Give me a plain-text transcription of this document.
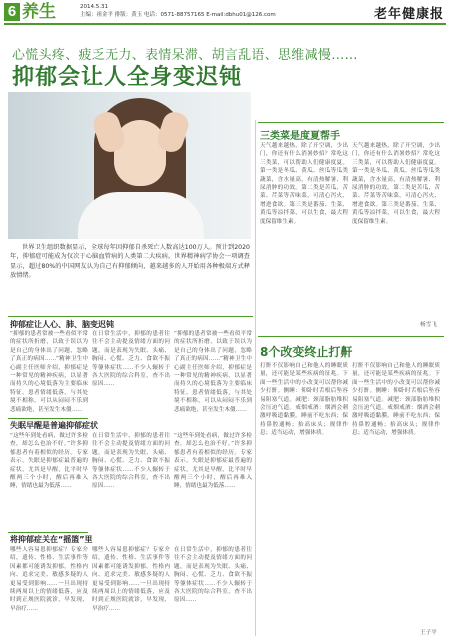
6 养生	2014.5.31
主编：祖金平 排版：黄玉 电话：0571-88757165 E-mail:dbhu01@126.com	老年健康报
心慌头疼、疲乏无力、表情呆滞、胡言乱语、思维减慢……
抑郁会让人全身变迟钝
世界卫生组织数据显示，全球每年因抑郁自杀死亡人数高达100万人。预计到2020年，抑郁症可能成为仅次于心脑血管病的人类第二大疾病。世界精神病学协会一项调查显示，超过80%的中国网友认为自己有抑郁倾向，越来越多的人开始用各种极端方式释放情绪。
抑郁症让人心、肺、脑变迟钝
“抑郁的患者常被一些看似平常的症状所折磨，以致于误以为是自己的身体出了问题，忽略了真正的病因……”精神卫生中心副主任医师介绍，抑郁症是一种常见的精神疾病，以显著而持久的心境低落为主要临床特征。患者情绪低落，与其处境不相称，可以从闷闷不乐到悲痛欲绝，甚至发生木僵……
在日常生活中，抑郁的患者往往不会主动提及情绪方面的问题，而是表现为失眠、头痛、胸闷、心慌、乏力、食欲不振等躯体症状……不少人辗转于各大医院的综合科室，查不出原因……
“抑郁的患者常被一些看似平常的症状所折磨，以致于误以为是自己的身体出了问题，忽略了真正的病因……”精神卫生中心副主任医师介绍，抑郁症是一种常见的精神疾病，以显著而持久的心境低落为主要临床特征。患者情绪低落，与其处境不相称，可以从闷闷不乐到悲痛欲绝，甚至发生木僵……
失眠早醒是普遍抑郁症状
“这些年到处看病，做过许多检查，却怎么也治不好。”许多抑郁患者有着相似的经历。专家表示，失眠是抑郁症最普遍的症状，尤其是早醒，比平时早醒两三个小时，醒后再难入睡，情绪也最为低落……
在日常生活中，抑郁的患者往往不会主动提及情绪方面的问题，而是表现为失眠、头痛、胸闷、心慌、乏力、食欲不振等躯体症状……不少人辗转于各大医院的综合科室，查不出原因……
“这些年到处看病，做过许多检查，却怎么也治不好。”许多抑郁患者有着相似的经历。专家表示，失眠是抑郁症最普遍的症状，尤其是早醒，比平时早醒两三个小时，醒后再难入睡，情绪也最为低落……
将抑郁症关在“摇篮”里
哪些人容易患抑郁症？专家介绍，遗传、性格、生活事件等因素都可能诱发抑郁。性格内向、追求完美、敏感多疑的人更易受到影响……一旦出现持续两周以上的情绪低落，应及时到正规医院就诊，早发现、早治疗……
哪些人容易患抑郁症？专家介绍，遗传、性格、生活事件等因素都可能诱发抑郁。性格内向、追求完美、敏感多疑的人更易受到影响……一旦出现持续两周以上的情绪低落，应及时到正规医院就诊，早发现、早治疗……
在日常生活中，抑郁的患者往往不会主动提及情绪方面的问题，而是表现为失眠、头痛、胸闷、心慌、乏力、食欲不振等躯体症状……不少人辗转于各大医院的综合科室，查不出原因……
三类菜是度夏帮手
天气越来越热，除了开空调，少出门，你还有什么消暑妙招？常吃这三类菜，可以帮助人们健康度夏。第一类是冬瓜、黄瓜、丝瓜等瓜类蔬菜，含水量高，有清热解暑、利尿消肿的功效。第二类是苦瓜、苦菜、芹菜等苦味菜，可清心泻火、增进食欲。第三类是番茄、生菜、黄瓜等凉拌菜，可以生食，最大程度保留维生素。
天气越来越热，除了开空调，少出门，你还有什么消暑妙招？常吃这三类菜，可以帮助人们健康度夏。第一类是冬瓜、黄瓜、丝瓜等瓜类蔬菜，含水量高，有清热解暑、利尿消肿的功效。第二类是苦瓜、苦菜、芹菜等苦味菜，可清心泻火、增进食欲。第三类是番茄、生菜、黄瓜等凉拌菜，可以生食，最大程度保留维生素。
杨雪飞
8个改变终止打鼾
打鼾不仅影响自己和他人的睡眠质量，还可能是某些疾病的征兆。下面一些生活中的小改变可以帮你减少打鼾。侧睡：仰卧时舌根后坠容易阻塞气道。减肥：颈部脂肪堆积会压迫气道。戒烟戒酒：烟酒会刺激呼吸道黏膜。睡前不吃东西；保持鼻腔通畅；抬高床头；规律作息；适当运动，增强体质。
打鼾不仅影响自己和他人的睡眠质量，还可能是某些疾病的征兆。下面一些生活中的小改变可以帮你减少打鼾。侧睡：仰卧时舌根后坠容易阻塞气道。减肥：颈部脂肪堆积会压迫气道。戒烟戒酒：烟酒会刺激呼吸道黏膜。睡前不吃东西；保持鼻腔通畅；抬高床头；规律作息；适当运动，增强体质。
王子平
